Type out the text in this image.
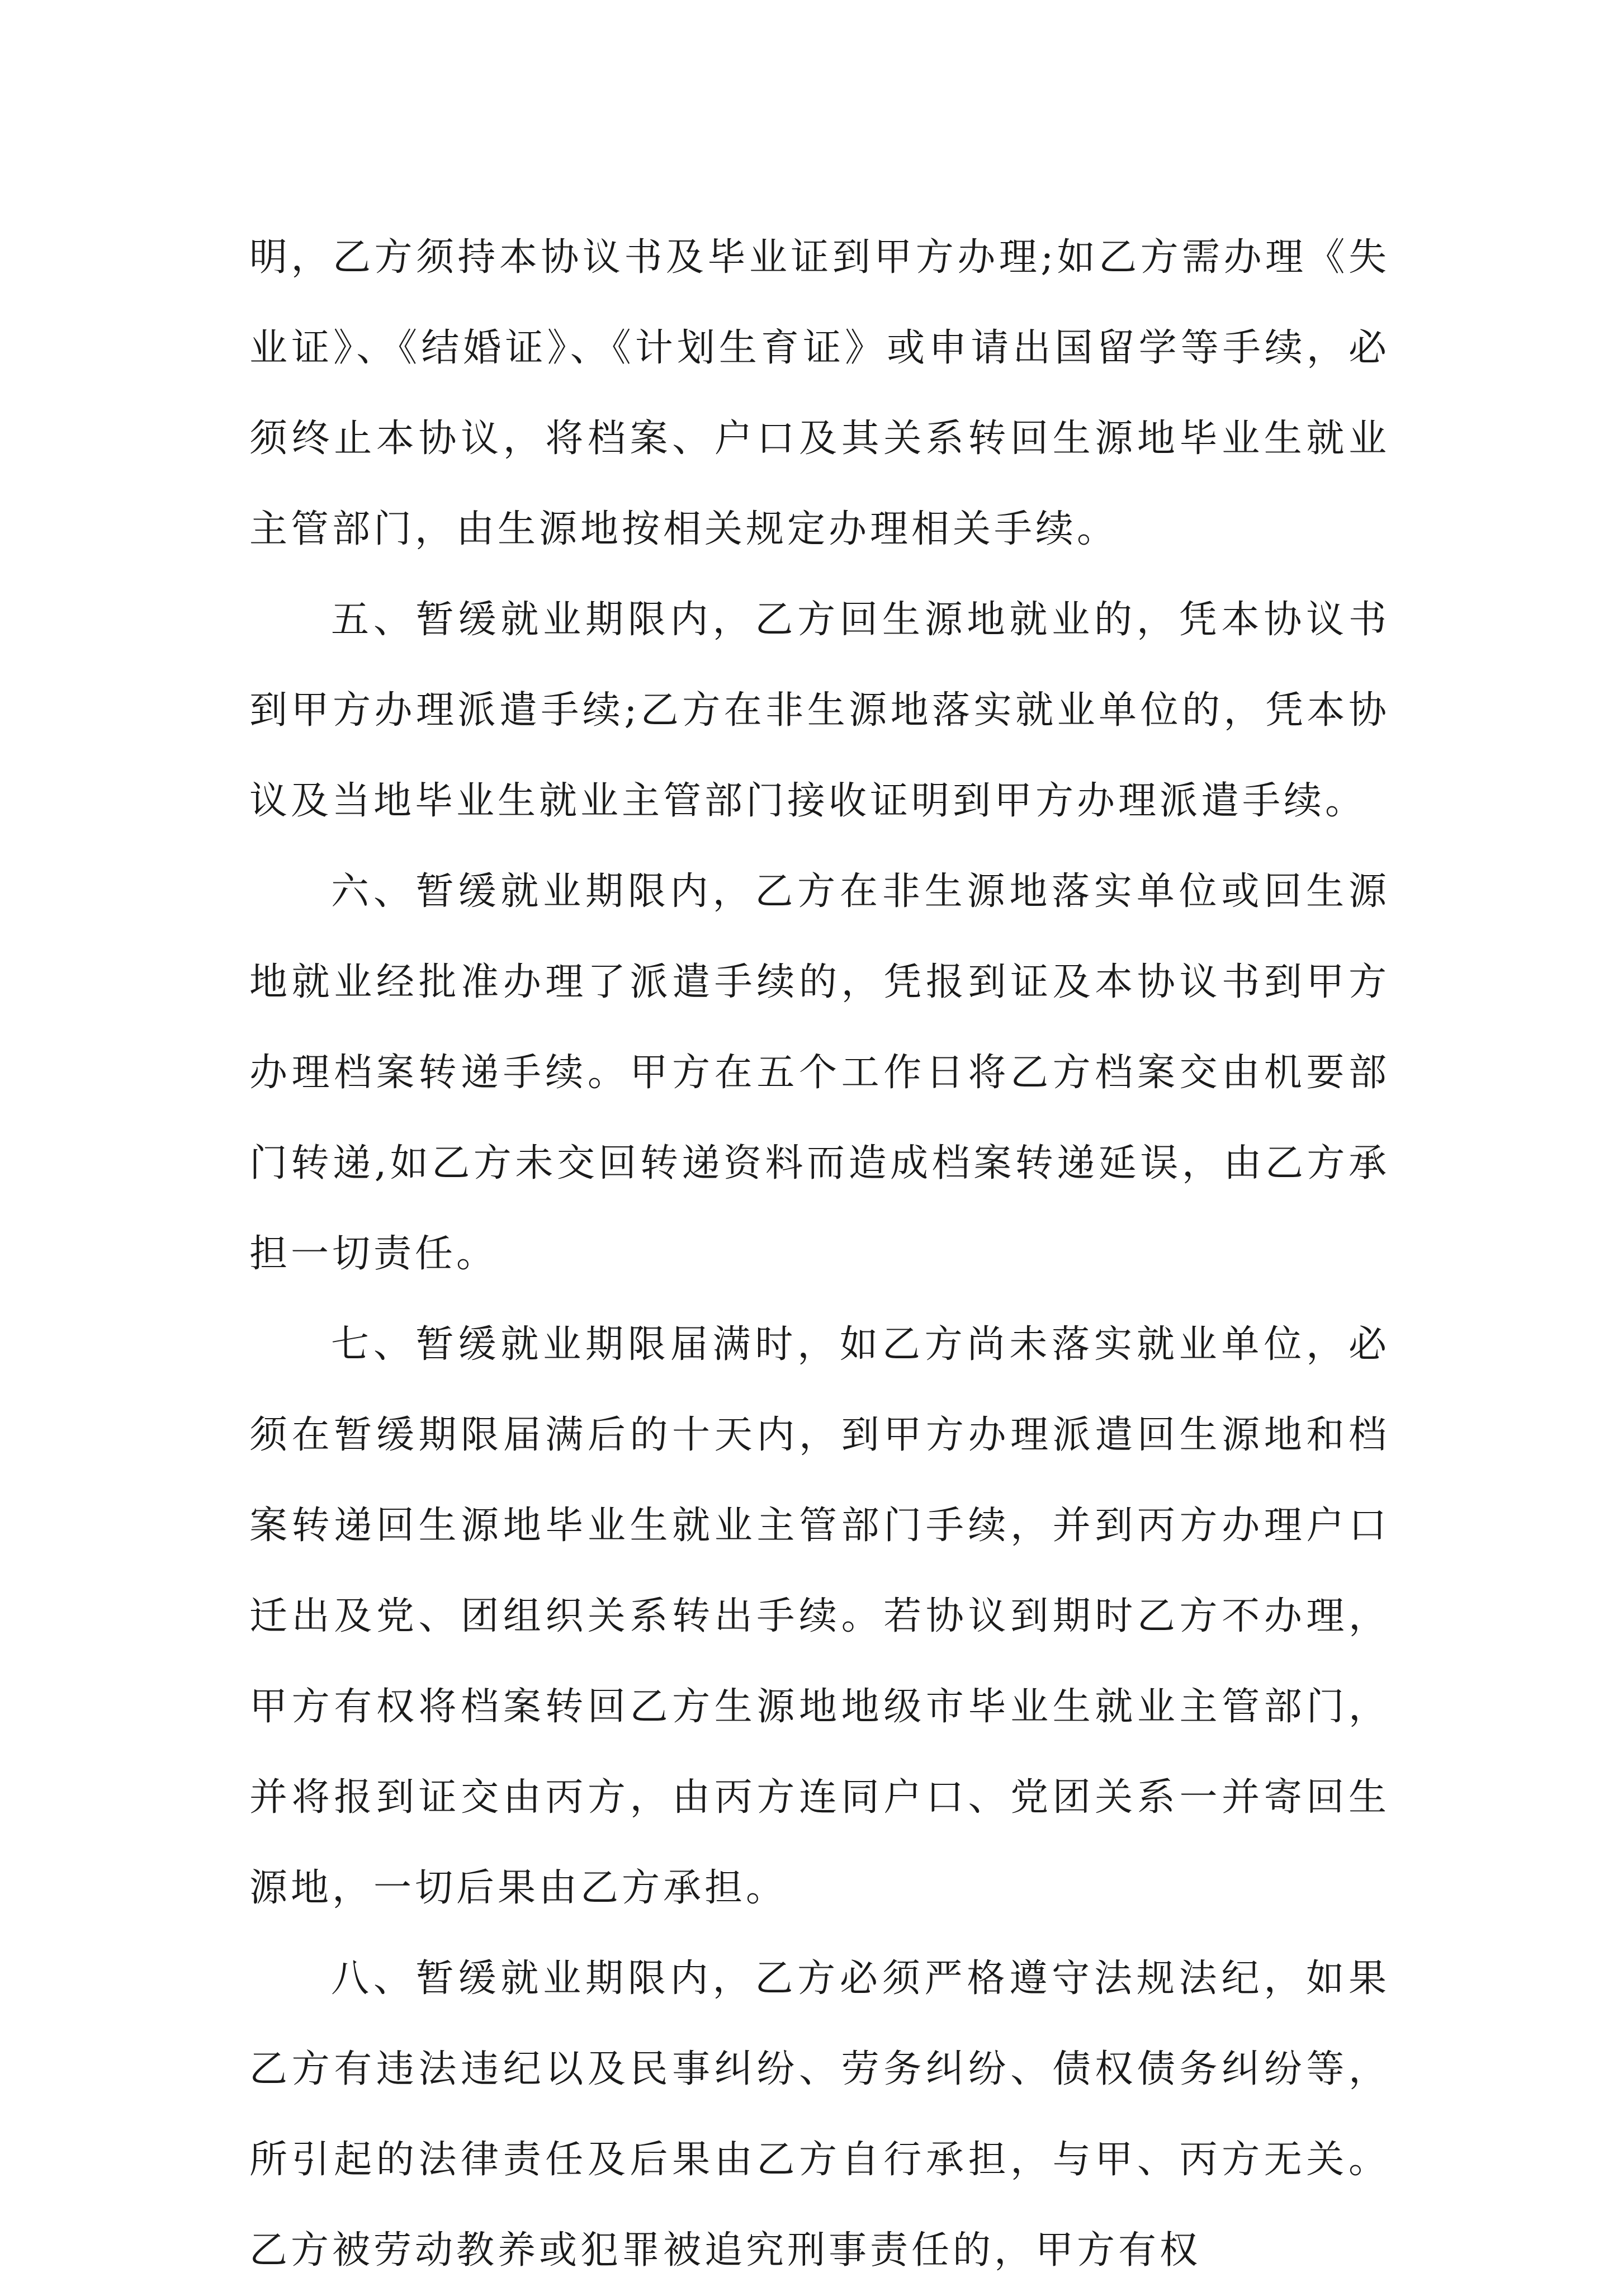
明，乙方须持本协议书及毕业证到甲方办理;如乙方需办理《失业证》、《结婚证》、《计划生育证》或申请出国留学等手续，必须终止本协议，将档案、户口及其关系转回生源地毕业生就业主管部门，由生源地按相关规定办理相关手续。

五、暂缓就业期限内，乙方回生源地就业的，凭本协议书到甲方办理派遣手续;乙方在非生源地落实就业单位的，凭本协议及当地毕业生就业主管部门接收证明到甲方办理派遣手续。

六、暂缓就业期限内，乙方在非生源地落实单位或回生源地就业经批准办理了派遣手续的，凭报到证及本协议书到甲方办理档案转递手续。甲方在五个工作日将乙方档案交由机要部门转递,如乙方未交回转递资料而造成档案转递延误，由乙方承担一切责任。

七、暂缓就业期限届满时，如乙方尚未落实就业单位，必须在暂缓期限届满后的十天内，到甲方办理派遣回生源地和档案转递回生源地毕业生就业主管部门手续，并到丙方办理户口迁出及党、团组织关系转出手续。若协议到期时乙方不办理，甲方有权将档案转回乙方生源地地级市毕业生就业主管部门，并将报到证交由丙方，由丙方连同户口、党团关系一并寄回生源地，一切后果由乙方承担。

八、暂缓就业期限内，乙方必须严格遵守法规法纪，如果乙方有违法违纪以及民事纠纷、劳务纠纷、债权债务纠纷等，所引起的法律责任及后果由乙方自行承担，与甲、丙方无关。乙方被劳动教养或犯罪被追究刑事责任的，甲方有权
